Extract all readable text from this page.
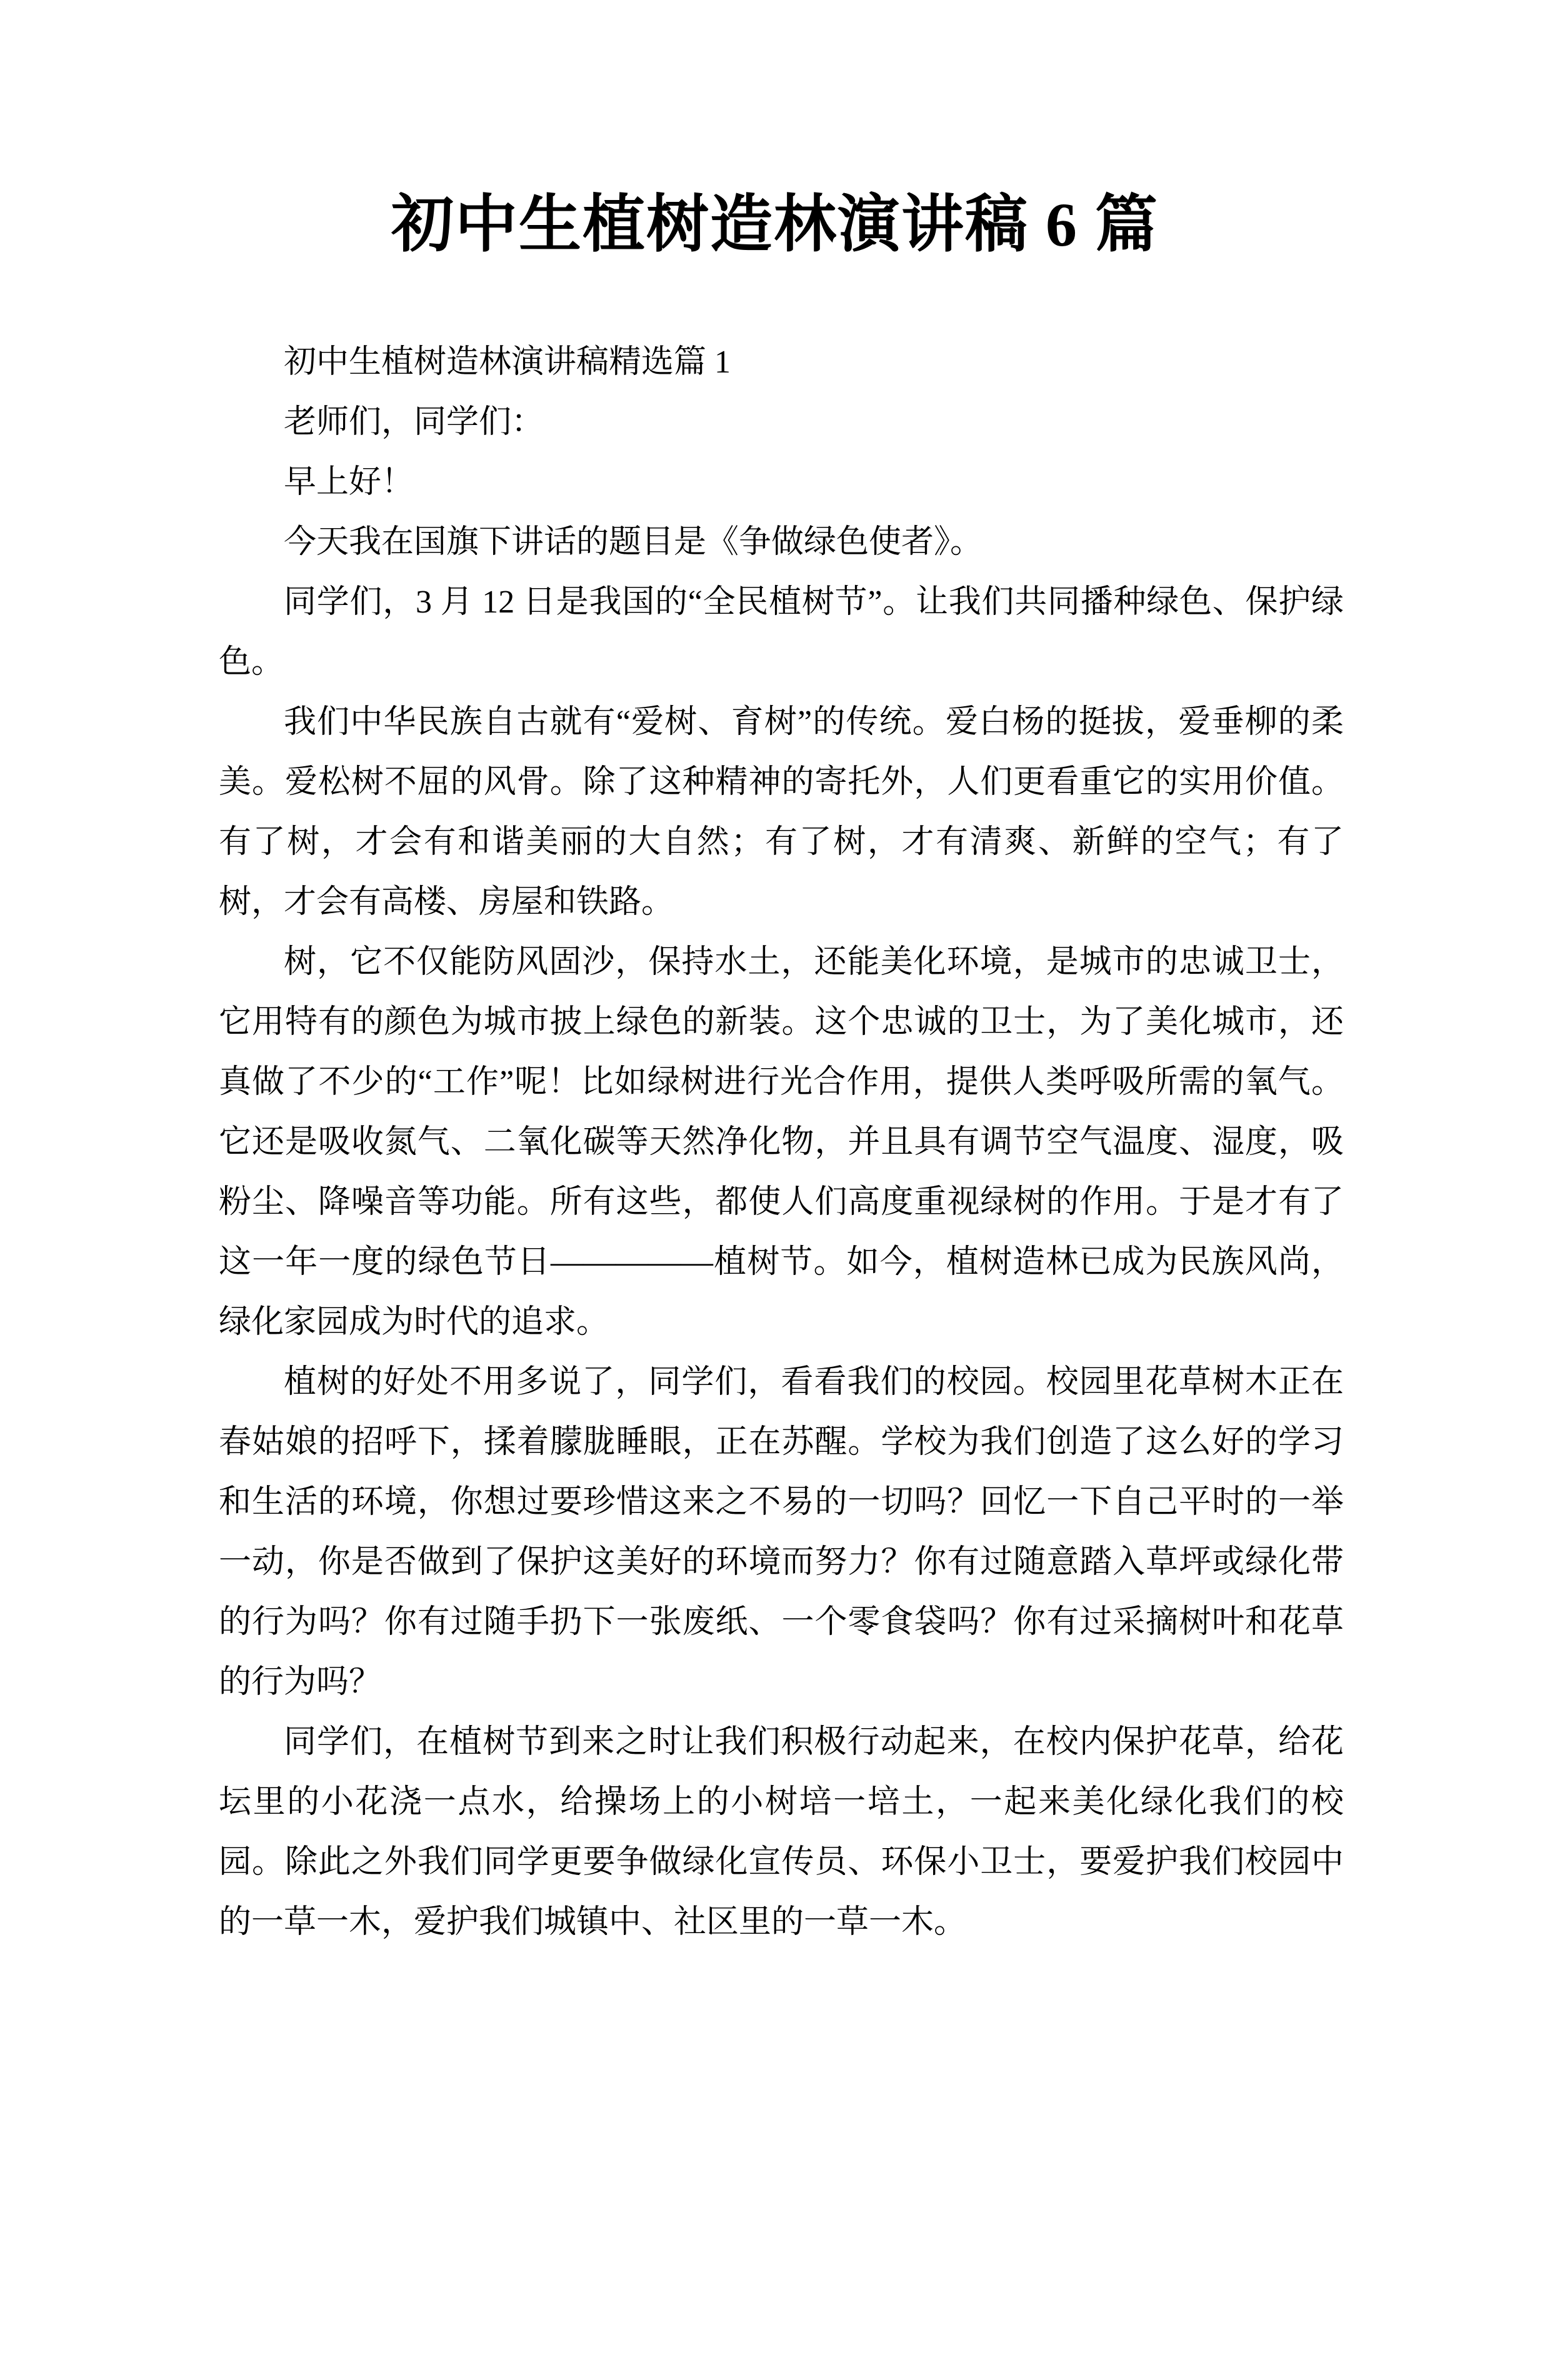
初中生植树造林演讲稿 6 篇

初中生植树造林演讲稿精选篇 1

老师们，同学们：

早上好！

今天我在国旗下讲话的题目是《争做绿色使者》。

同学们，3 月 12 日是我国的“全民植树节”。让我们共同播种绿色、保护绿色。

我们中华民族自古就有“爱树、育树”的传统。爱白杨的挺拔，爱垂柳的柔美。爱松树不屈的风骨。除了这种精神的寄托外，人们更看重它的实用价值。有了树，才会有和谐美丽的大自然；有了树，才有清爽、新鲜的空气；有了树，才会有高楼、房屋和铁路。

树，它不仅能防风固沙，保持水土，还能美化环境，是城市的忠诚卫士，它用特有的颜色为城市披上绿色的新装。这个忠诚的卫士，为了美化城市，还真做了不少的“工作”呢！比如绿树进行光合作用，提供人类呼吸所需的氧气。它还是吸收氮气、二氧化碳等天然净化物，并且具有调节空气温度、湿度，吸粉尘、降噪音等功能。所有这些，都使人们高度重视绿树的作用。于是才有了这一年一度的绿色节日—————植树节。如今，植树造林已成为民族风尚，绿化家园成为时代的追求。

植树的好处不用多说了，同学们，看看我们的校园。校园里花草树木正在春姑娘的招呼下，揉着朦胧睡眼，正在苏醒。学校为我们创造了这么好的学习和生活的环境，你想过要珍惜这来之不易的一切吗？回忆一下自己平时的一举一动，你是否做到了保护这美好的环境而努力？你有过随意踏入草坪或绿化带的行为吗？你有过随手扔下一张废纸、一个零食袋吗？你有过采摘树叶和花草的行为吗？

同学们，在植树节到来之时让我们积极行动起来，在校内保护花草，给花坛里的小花浇一点水，给操场上的小树培一培土，一起来美化绿化我们的校园。除此之外我们同学更要争做绿化宣传员、环保小卫士，要爱护我们校园中的一草一木，爱护我们城镇中、社区里的一草一木。
